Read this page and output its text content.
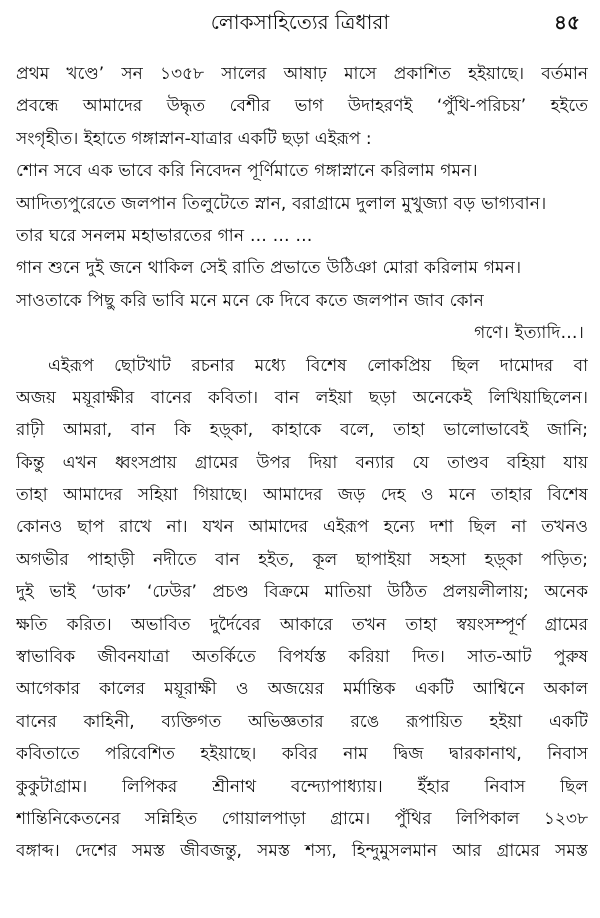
লোকসাহিত্যের ত্রিধারা	৪৫
প্রথম খণ্ডে’ সন ১৩৫৮ সালের আষাঢ় মাসে প্রকাশিত হইয়াছে। বর্তমান
প্রবন্ধে আমাদের উদ্ধৃত বেশীর ভাগ উদাহরণই ‘পুঁথি-পরিচয়’ হইতে
সংগৃহীত। ইহাতে গঙ্গাস্নান-যাত্রার একটি ছড়া এইরূপ :
শোন সবে এক ভাবে করি নিবেদন পূর্ণিমাতে গঙ্গাস্নানে করিলাম গমন।
আদিত্যপুরেতে জলপান তিলুটেতে স্নান, বরাগ্রামে দুলাল মুখুজ্যা বড় ভাগ্যবান।
তার ঘরে সনলম মহাভারতের গান … … …
গান শুনে দুই জনে থাকিল সেই রাতি প্রভাতে উঠিঞা মোরা করিলাম গমন।
সাওতাকে পিছু করি ভাবি মনে মনে কে দিবে কতে জলপান জাব কোন
গণে। ইত্যাদি…।
এইরূপ ছোটখাট রচনার মধ্যে বিশেষ লোকপ্রিয় ছিল দামোদর বা
অজয় ময়ূরাক্ষীর বানের কবিতা। বান লইয়া ছড়া অনেকেই লিখিয়াছিলেন।
রাঢ়ী আমরা, বান কি হড়্কা, কাহাকে বলে, তাহা ভালোভাবেই জানি;
কিন্তু এখন ধ্বংসপ্রায় গ্রামের উপর দিয়া বন্যার যে তাণ্ডব বহিয়া যায়
তাহা আমাদের সহিয়া গিয়াছে। আমাদের জড় দেহ ও মনে তাহার বিশেষ
কোনও ছাপ রাখে না। যখন আমাদের এইরূপ হন্যে দশা ছিল না তখনও
অগভীর পাহাড়ী নদীতে বান হইত, কূল ছাপাইয়া সহসা হড়্কা পড়িত;
দুই ভাই ‘ডাক’ ‘ঢেউর’ প্রচণ্ড বিক্রমে মাতিয়া উঠিত প্রলয়লীলায়; অনেক
ক্ষতি করিত। অভাবিত দুর্দৈবের আকারে তখন তাহা স্বয়ংসম্পূর্ণ গ্রামের
স্বাভাবিক জীবনযাত্রা অতর্কিতে বিপর্যস্ত করিয়া দিত। সাত-আট পুরুষ
আগেকার কালের ময়ূরাক্ষী ও অজয়ের মর্মান্তিক একটি আশ্বিনে অকাল
বানের কাহিনী, ব্যক্তিগত অভিজ্ঞতার রঙে রূপায়িত হইয়া একটি
কবিতাতে পরিবেশিত হইয়াছে। কবির নাম দ্বিজ দ্বারকানাথ, নিবাস
কুকুটাগ্রাম। লিপিকর শ্রীনাথ বন্দ্যোপাধ্যায়। ইঁহার নিবাস ছিল
শান্তিনিকেতনের সন্নিহিত গোয়ালপাড়া গ্রামে। পুঁথির লিপিকাল ১২৩৮
বঙ্গাব্দ। দেশের সমস্ত জীবজন্তু, সমস্ত শস্য, হিন্দুমুসলমান আর গ্রামের সমস্ত
